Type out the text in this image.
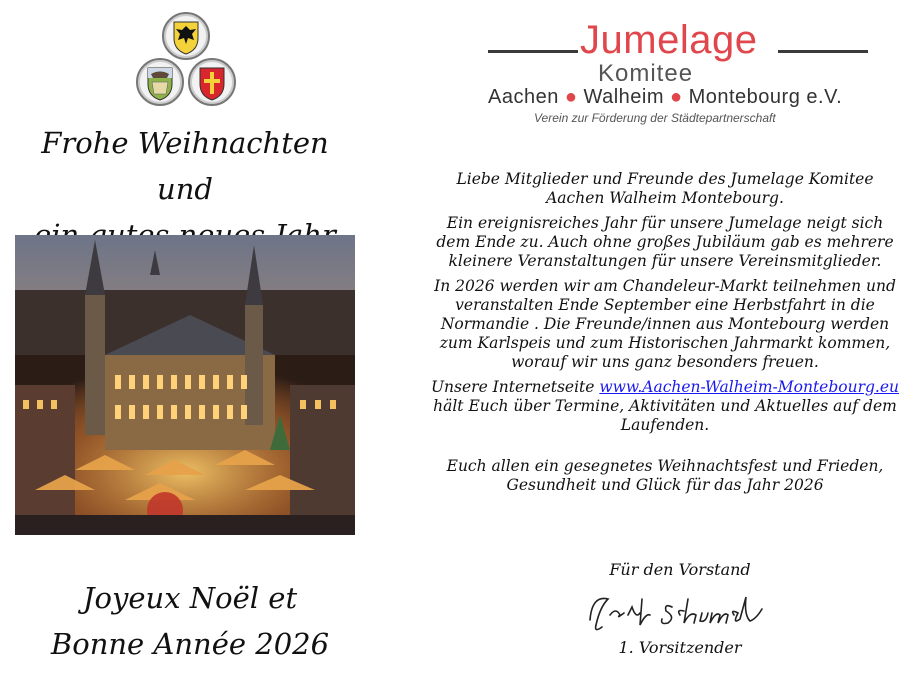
Frohe Weihnachten und
Joyeux Noël et
Bonne Année 2026
Jumelage
Komitee
Aachen ● Walheim ● Montebourg e.V.
Verein zur Förderung der Städtepartnerschaft

Liebe Mitglieder und Freunde des Jumelage Komitee Aachen Walheim Montebourg.

Ein ereignisreiches Jahr für unsere Jumelage neigt sich dem Ende zu. Auch ohne großes Jubiläum gab es mehrere kleinere Veranstaltungen für unsere Vereinsmitglieder.

In 2026 werden wir am Chandeleur-Markt teilnehmen und veranstalten Ende September eine Herbstfahrt in die Normandie . Die Freunde/innen aus Montebourg werden zum Karlspeis und zum Historischen Jahrmarkt kommen, worauf wir uns ganz besonders freuen.

Unsere Internetseite www.Aachen-Walheim-Montebourg.eu hält Euch über Termine, Aktivitäten und Aktuelles auf dem Laufenden.

Euch allen ein gesegnetes Weihnachtsfest und Frieden, Gesundheit und Glück für das Jahr 2026

Für den Vorstand
1. Vorsitzender
